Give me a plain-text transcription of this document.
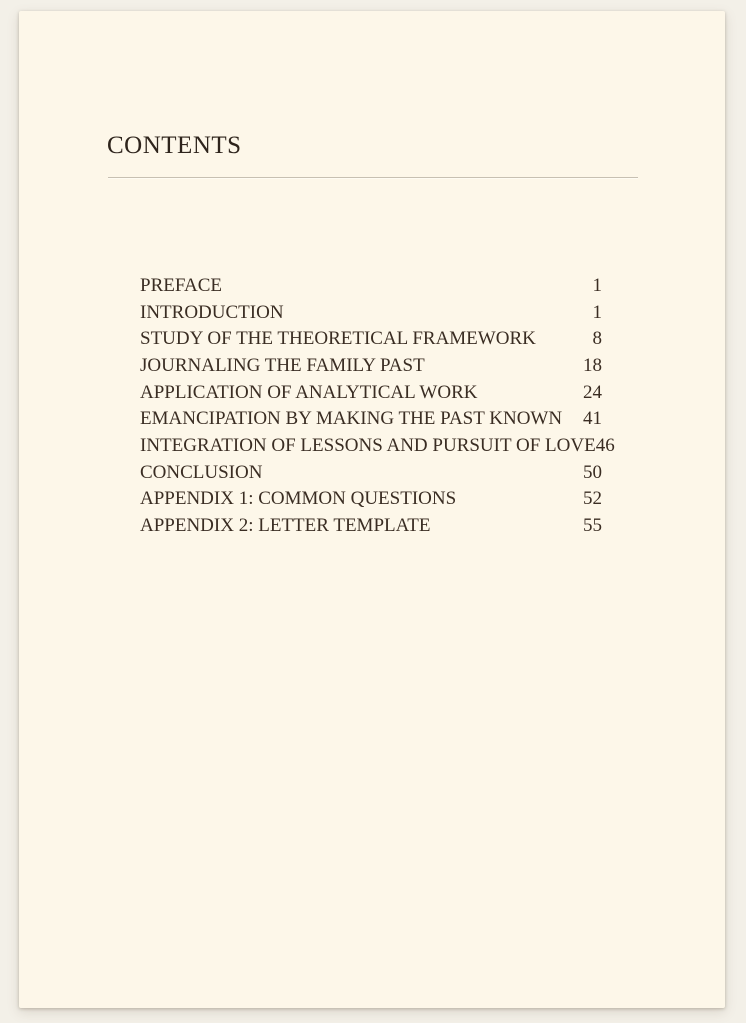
CONTENTS
PREFACE	1
INTRODUCTION	1
STUDY OF THE THEORETICAL FRAMEWORK	8
JOURNALING THE FAMILY PAST	18
APPLICATION OF ANALYTICAL WORK	24
EMANCIPATION BY MAKING THE PAST KNOWN 41
INTEGRATION OF LESSONS AND PURSUIT OF LOVE 46
CONCLUSION	50
APPENDIX 1: COMMON QUESTIONS	52
APPENDIX 2: LETTER TEMPLATE	55
